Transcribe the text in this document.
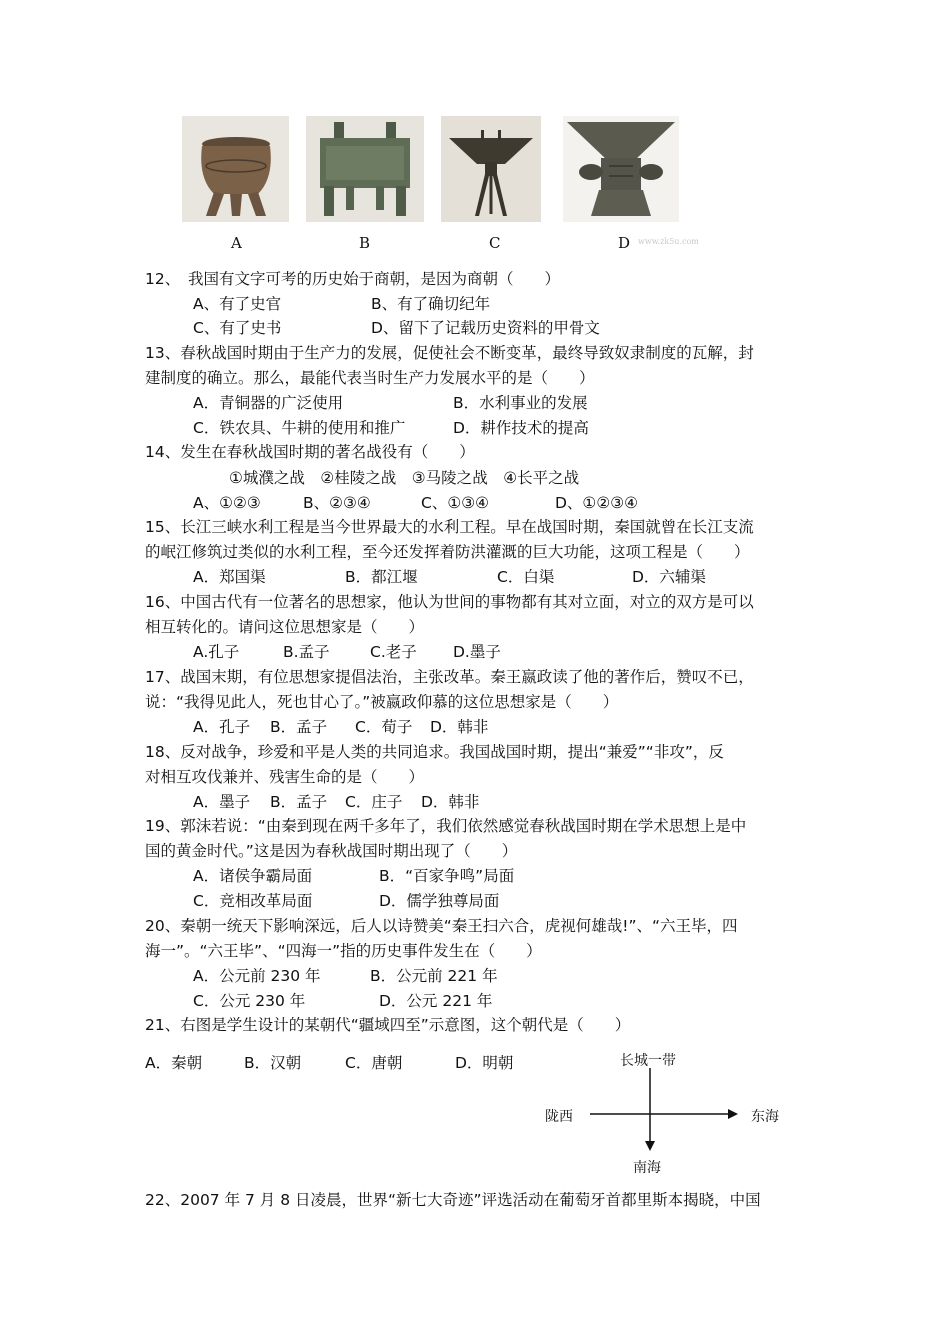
A	B	C	D www.zk5u.com
12、　我国有文字可考的历史始于商朝，是因为商朝（　　）
A、有了史官	B、有了确切纪年
C、有了史书	D、留下了记载历史资料的甲骨文
13、春秋战国时期由于生产力的发展，促使社会不断变革，最终导致奴隶制度的瓦解，封
建制度的确立。那么，最能代表当时生产力发展水平的是（　　）
A．青铜器的广泛使用	B．水利事业的发展
C．铁农具、牛耕的使用和推广	D．耕作技术的提高
14、发生在春秋战国时期的著名战役有（　　）
①城濮之战　②桂陵之战　③马陵之战　④长平之战
A、①②③	B、②③④	C、①③④	D、①②③④
15、长江三峡水利工程是当今世界最大的水利工程。早在战国时期，秦国就曾在长江支流
的岷江修筑过类似的水利工程，至今还发挥着防洪灌溉的巨大功能，这项工程是（　　）
A．郑国渠	B．都江堰	C．白渠	D．六辅渠
16、中国古代有一位著名的思想家，他认为世间的事物都有其对立面，对立的双方是可以
相互转化的。请问这位思想家是（　　）
A.孔子	B.孟子	C.老子 D.墨子
17、战国末期，有位思想家提倡法治，主张改革。秦王嬴政读了他的著作后，赞叹不已，
说：“我得见此人，死也甘心了。”被嬴政仰慕的这位思想家是（　　）
A．孔子 B．孟子 C．荀子 D．韩非
18、反对战争，珍爱和平是人类的共同追求。我国战国时期，提出“兼爱”“非攻”，反
对相互攻伐兼并、残害生命的是（　　）
A．墨子 B．孟子 C．庄子 D．韩非
19、郭沫若说：“由秦到现在两千多年了，我们依然感觉春秋战国时期在学术思想上是中
国的黄金时代。”这是因为春秋战国时期出现了（　　）
A．诸侯争霸局面	B．“百家争鸣”局面
C．竞相改革局面	D．儒学独尊局面
20、秦朝一统天下影响深远，后人以诗赞美“秦王扫六合，虎视何雄哉!”、“六王毕，四
海一”。“六王毕”、“四海一”指的历史事件发生在（　　）
A．公元前 230 年	B．公元前 221 年
C．公元 230 年	D．公元 221 年
21、右图是学生设计的某朝代“疆域四至”示意图，这个朝代是（　　）
A．秦朝	B．汉朝	C．唐朝	D．明朝	长城一带
陇西	东海
南海
22、2007 年 7 月 8 日凌晨，世界“新七大奇迹”评选活动在葡萄牙首都里斯本揭晓，中国
